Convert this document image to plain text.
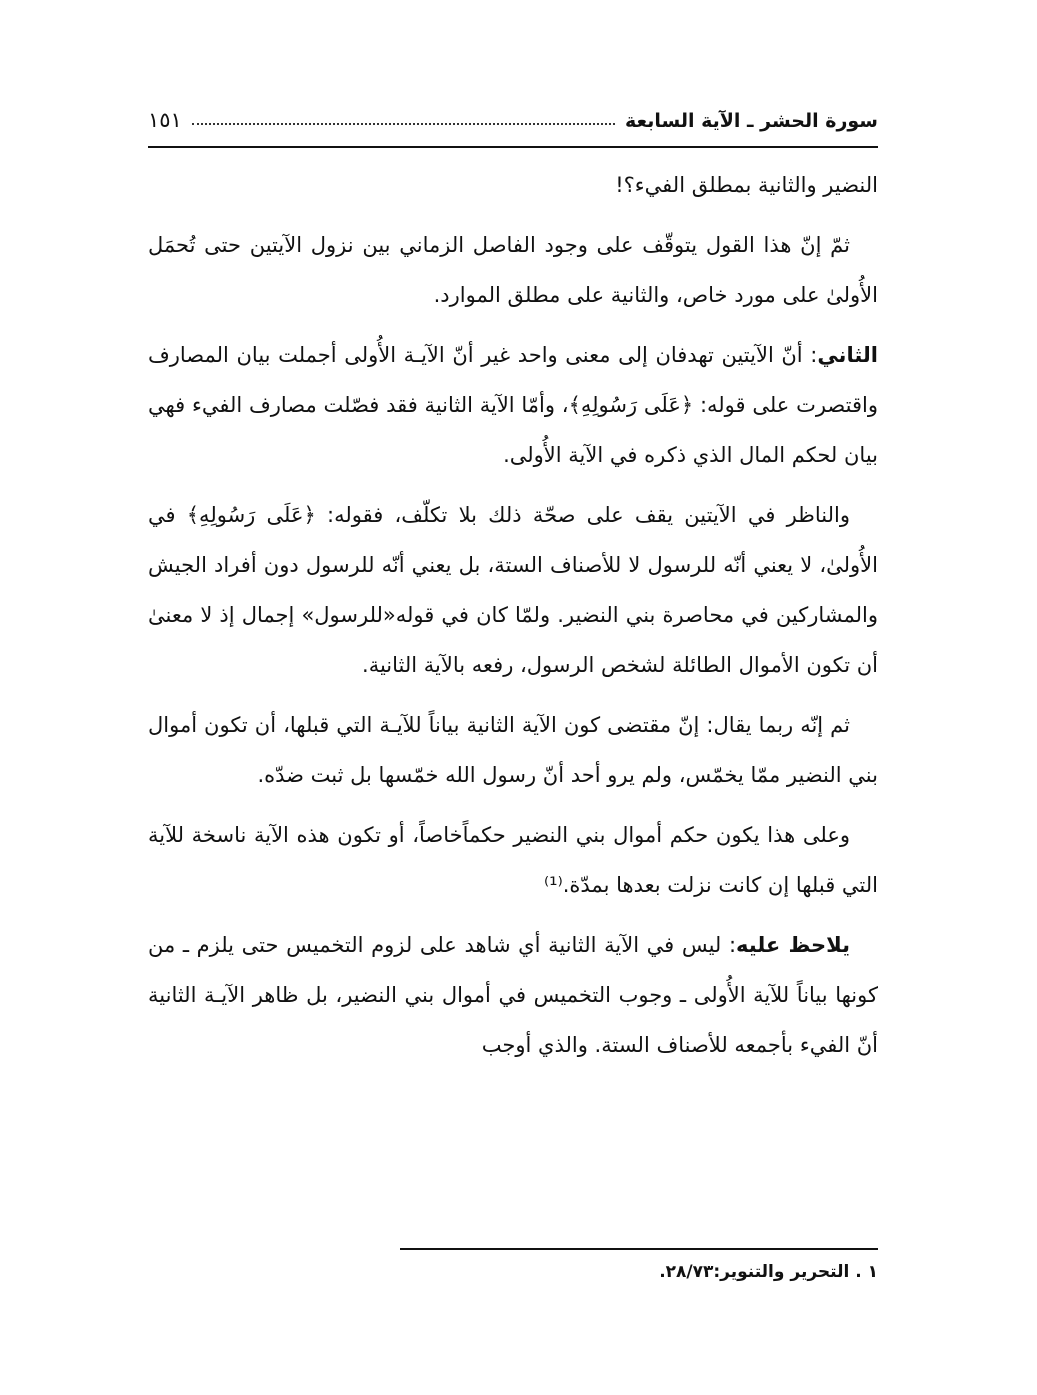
سورة الحشر ـ الآية السابعة
١٥١

النضير والثانية بمطلق الفيء؟!

ثمّ إنّ هذا القول يتوقّف على وجود الفاصل الزماني بين نزول الآيتين حتى تُحمَل الأُولىٰ على مورد خاص، والثانية على مطلق الموارد.

الثاني: أنّ الآيتين تهدفان إلى معنى واحد غير أنّ الآيـة الأُولى أجملت بيان المصارف واقتصرت على قوله: ﴿عَلَى رَسُولِهِ﴾، وأمّا الآية الثانية فقد فصّلت مصارف الفيء فهي بيان لحكم المال الذي ذكره في الآية الأُولى.

والناظر في الآيتين يقف على صحّة ذلك بلا تكلّف، فقوله: ﴿عَلَى رَسُولِهِ﴾ في الأُولىٰ، لا يعني أنّه للرسول لا للأصناف الستة، بل يعني أنّه للرسول دون أفراد الجيش والمشاركين في محاصرة بني النضير. ولمّا كان في قوله«للرسول» إجمال إذ لا معنىٰ أن تكون الأموال الطائلة لشخص الرسول، رفعه بالآية الثانية.

ثم إنّه ربما يقال: إنّ مقتضى كون الآية الثانية بياناً للآيـة التي قبلها، أن تكون أموال بني النضير ممّا يخمّس، ولم يرو أحد أنّ رسول الله خمّسها بل ثبت ضدّه.

وعلى هذا يكون حكم أموال بني النضير حكماًخاصاً، أو تكون هذه الآية ناسخة للآية التي قبلها إن كانت نزلت بعدها بمدّة.⁽¹⁾

يلاحظ عليه: ليس في الآية الثانية أي شاهد على لزوم التخميس حتى يلزم ـ من كونها بياناً للآية الأُولى ـ وجوب التخميس في أموال بني النضير، بل ظاهر الآيـة الثانية أنّ الفيء بأجمعه للأصناف الستة. والذي أوجب

١ . التحرير والتنوير:٢٨/٧٣.
